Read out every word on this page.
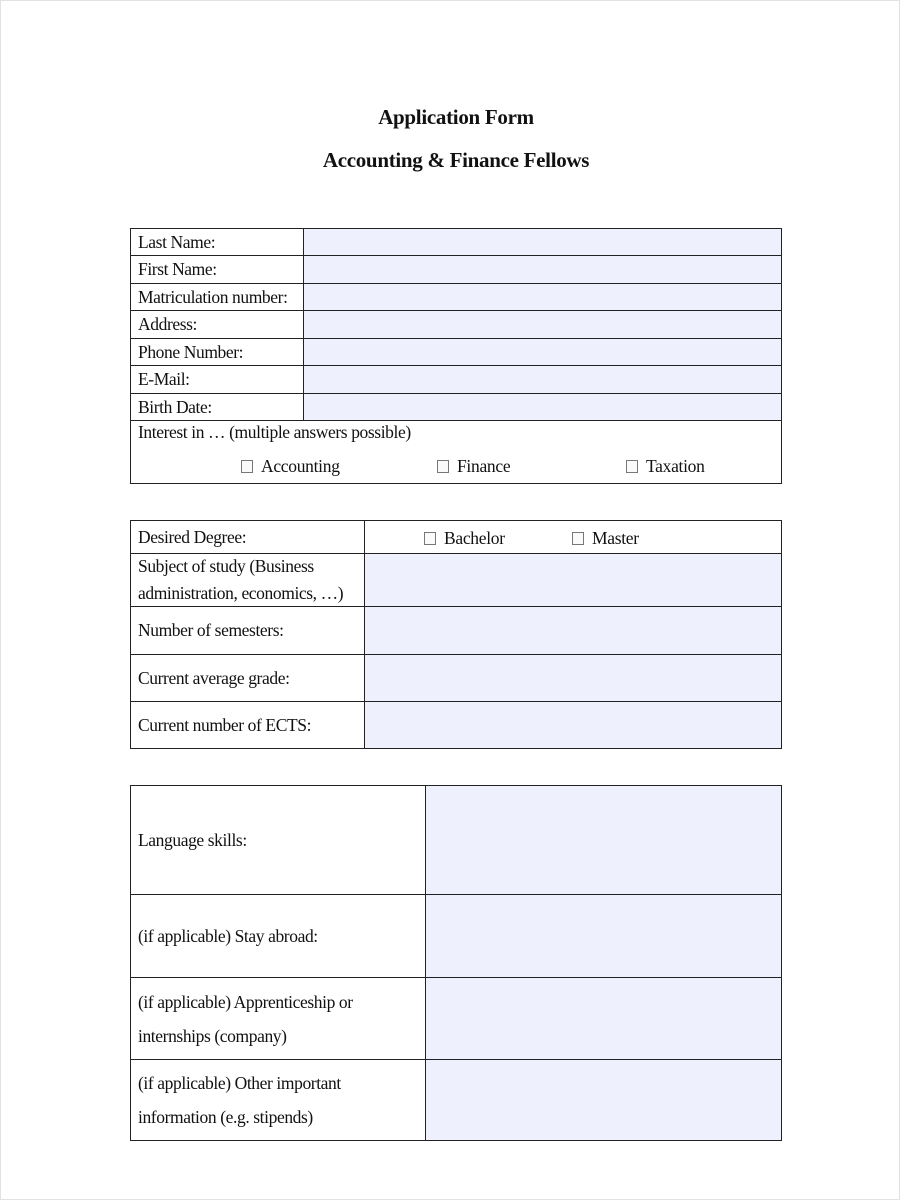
Application Form
Accounting & Finance Fellows
Last Name:
First Name:
Matriculation number:
Address:
Phone Number:
E-Mail:
Birth Date:
Interest in … (multiple answers possible)
Accounting	Finance	Taxation
Desired Degree:	Bachelor	Master
Subject of study (Business administration, economics, …)
Number of semesters:
Current average grade:
Current number of ECTS:
Language skills:
(if applicable) Stay abroad:
(if applicable) Apprenticeship or internships (company)
(if applicable) Other important information (e.g. stipends)
